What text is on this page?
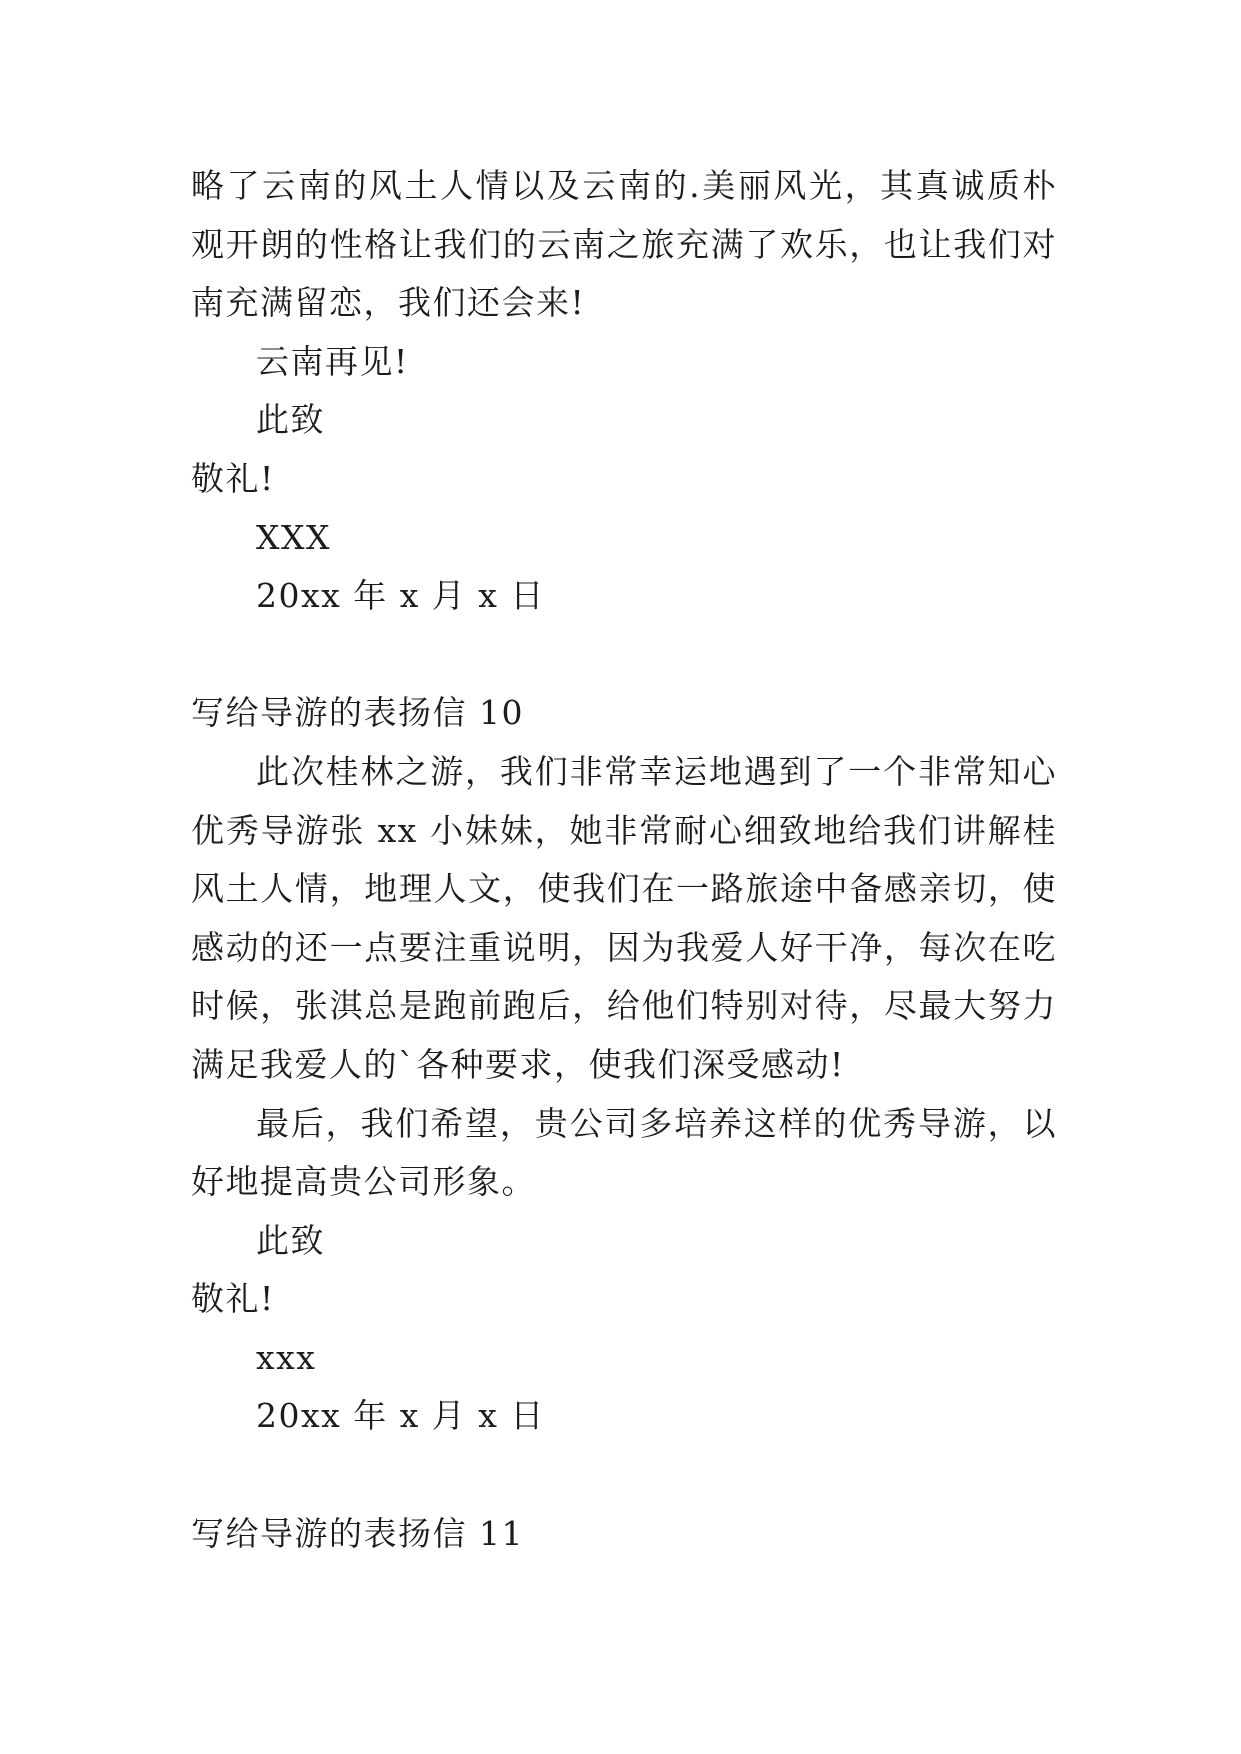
略了云南的风土人情以及云南的.美丽风光，其真诚质朴
观开朗的性格让我们的云南之旅充满了欢乐，也让我们对
南充满留恋，我们还会来!
云南再见!
此致
敬礼!
XXX
20xx 年 x 月 x 日
写给导游的表扬信 10
此次桂林之游，我们非常幸运地遇到了一个非常知心
优秀导游张 xx 小妹妹，她非常耐心细致地给我们讲解桂
风土人情，地理人文，使我们在一路旅途中备感亲切，使
感动的还一点要注重说明，因为我爱人好干净，每次在吃
时候，张淇总是跑前跑后，给他们特别对待，尽最大努力
满足我爱人的`各种要求，使我们深受感动!
最后，我们希望，贵公司多培养这样的优秀导游，以
好地提高贵公司形象。
此致
敬礼!
xxx
20xx 年 x 月 x 日
写给导游的表扬信 11
